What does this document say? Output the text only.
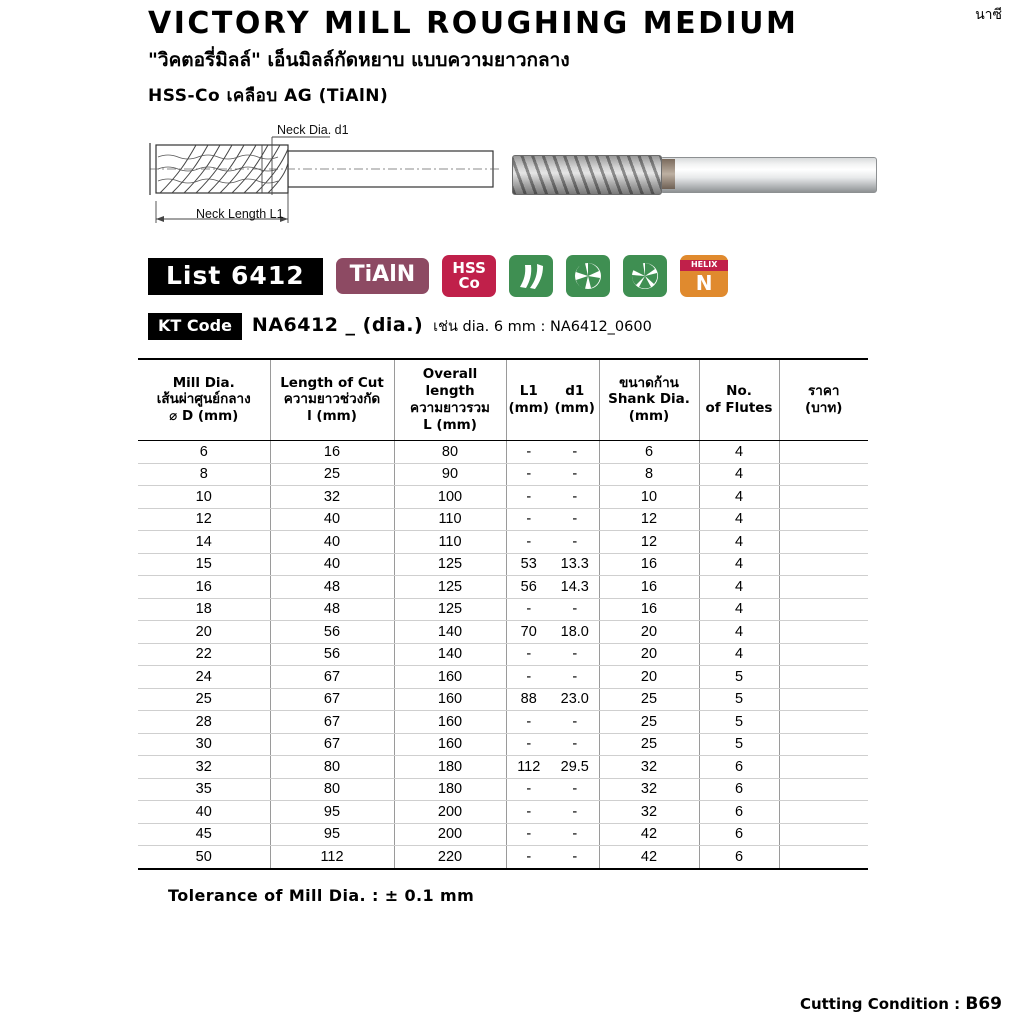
VICTORY MILL ROUGHING MEDIUM
"วิคตอรี่มิลล์" เอ็นมิลล์กัดหยาบ แบบความยาวกลาง
HSS-Co เคลือบ AG (TiAlN)
นาซี
Neck Dia. d1
Neck Length L1
List 6412	TiAlN	HSS
Co
HELIX
N
KT Code	NA6412 _ (dia.) เช่น dia. 6 mm : NA6412_0600
Mill Dia.
เส้นผ่าศูนย์กลาง
⌀ D (mm)	Length of Cut
ความยาวช่วงกัด
l (mm)	Overall length
ความยาวรวม
L (mm)	L1
(mm)	d1
(mm)	ขนาดก้าน
Shank Dia.
(mm)	No.
of Flutes	ราคา
(บาท)

6	16	80	-	-	6	4	
8	25	90	-	-	8	4	
10	32	100	-	-	10	4	
12	40	110	-	-	12	4	
14	40	110	-	-	12	4	
15	40	125	53	13.3	16	4	
16	48	125	56	14.3	16	4	
18	48	125	-	-	16	4	
20	56	140	70	18.0	20	4	
22	56	140	-	-	20	4	
24	67	160	-	-	20	5	
25	67	160	88	23.0	25	5	
28	67	160	-	-	25	5	
30	67	160	-	-	25	5	
32	80	180	112	29.5	32	6	
35	80	180	-	-	32	6	
40	95	200	-	-	32	6	
45	95	200	-	-	42	6	
50	112	220	-	-	42	6	
Tolerance of Mill Dia. : ± 0.1 mm
Cutting Condition : B69
